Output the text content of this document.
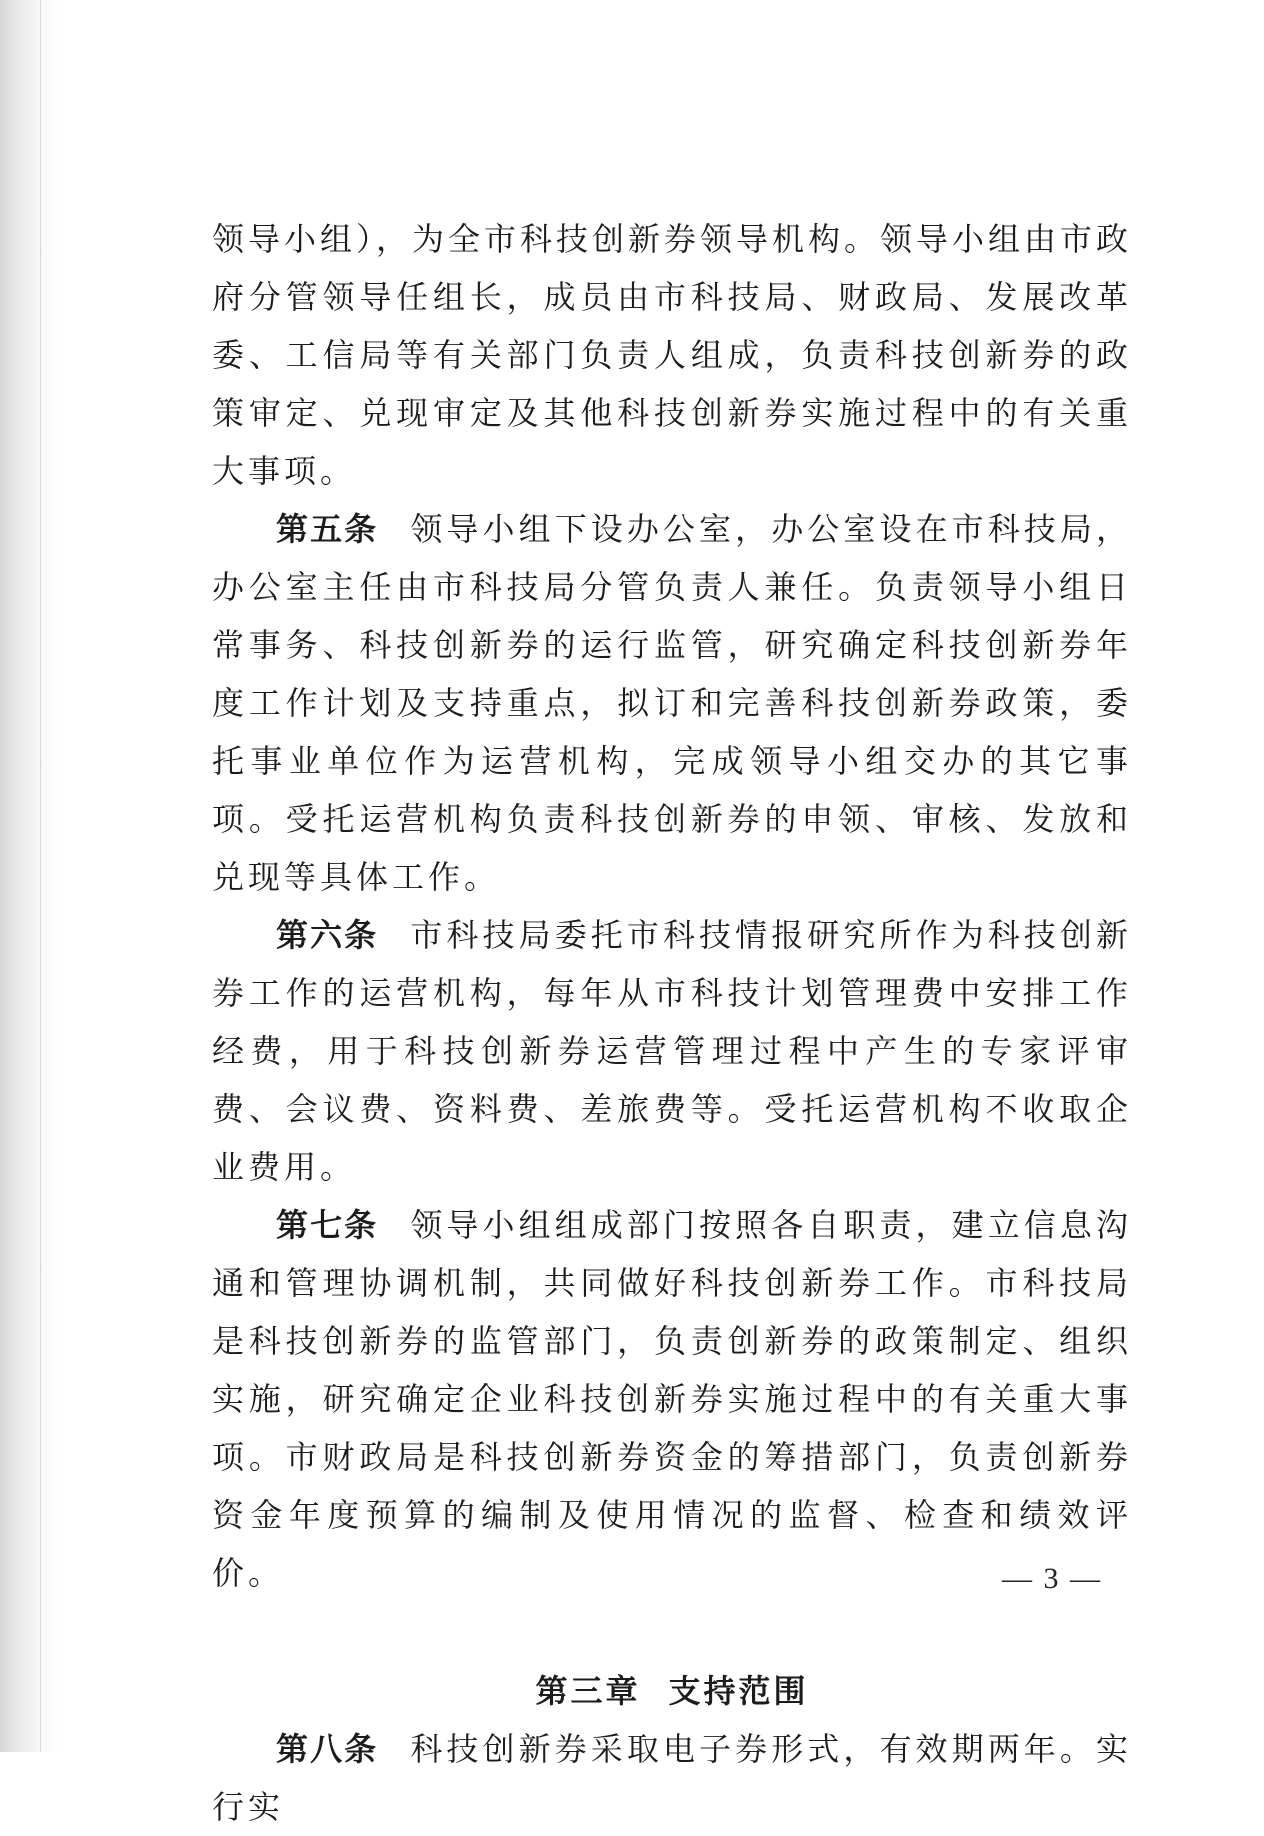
领导小组），为全市科技创新券领导机构。领导小组由市政府分管领导任组长，成员由市科技局、财政局、发展改革委、工信局等有关部门负责人组成，负责科技创新券的政策审定、兑现审定及其他科技创新券实施过程中的有关重大事项。

第五条 领导小组下设办公室，办公室设在市科技局，办公室主任由市科技局分管负责人兼任。负责领导小组日常事务、科技创新券的运行监管，研究确定科技创新券年度工作计划及支持重点，拟订和完善科技创新券政策，委托事业单位作为运营机构，完成领导小组交办的其它事项。受托运营机构负责科技创新券的申领、审核、发放和兑现等具体工作。

第六条 市科技局委托市科技情报研究所作为科技创新券工作的运营机构，每年从市科技计划管理费中安排工作经费，用于科技创新券运营管理过程中产生的专家评审费、会议费、资料费、差旅费等。受托运营机构不收取企业费用。

第七条 领导小组组成部门按照各自职责，建立信息沟通和管理协调机制，共同做好科技创新券工作。市科技局是科技创新券的监管部门，负责创新券的政策制定、组织实施，研究确定企业科技创新券实施过程中的有关重大事项。市财政局是科技创新券资金的筹措部门，负责创新券资金年度预算的编制及使用情况的监督、检查和绩效评价。

第三章 支持范围

第八条 科技创新券采取电子券形式，有效期两年。实行实

— 3 —
